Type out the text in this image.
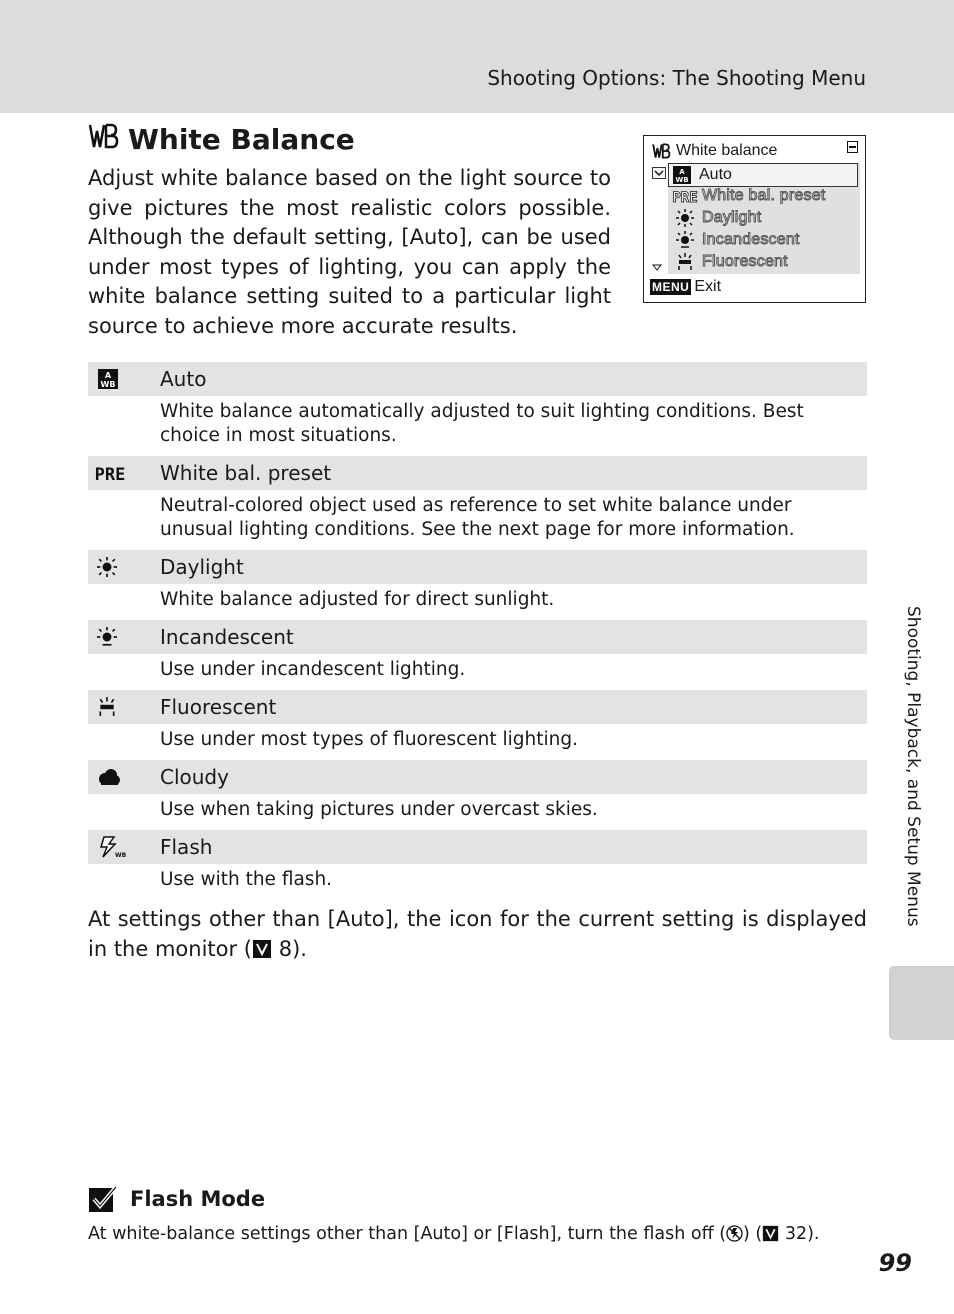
Shooting Options: The Shooting Menu
White Balance
Adjust white balance based on the light source to give pictures the most realistic colors possible. Although the default setting, [Auto], can be used under most types of lighting, you can apply the white balance setting suited to a particular light source to achieve more accurate results.
White balance
A
WB Auto
PRE White bal. preset
Daylight
Incandescent
Fluorescent
MENU Exit
A
WB Auto
White balance automatically adjusted to suit lighting conditions. Best choice in most situations.
PRE White bal. preset
Neutral-colored object used as reference to set white balance under unusual lighting conditions. See the next page for more information.
Daylight
White balance adjusted for direct sunlight.
Incandescent
Use under incandescent lighting.
Fluorescent
Use under most types of fluorescent lighting.
Cloudy
Use when taking pictures under overcast skies.
WB Flash
Use with the flash.
At settings other than [Auto], the icon for the current setting is displayed in the monitor ( 8).
Shooting, Playback, and Setup Menus
Flash Mode
At white-balance settings other than [Auto] or [Flash], turn the flash off ( ) ( 32).
99
